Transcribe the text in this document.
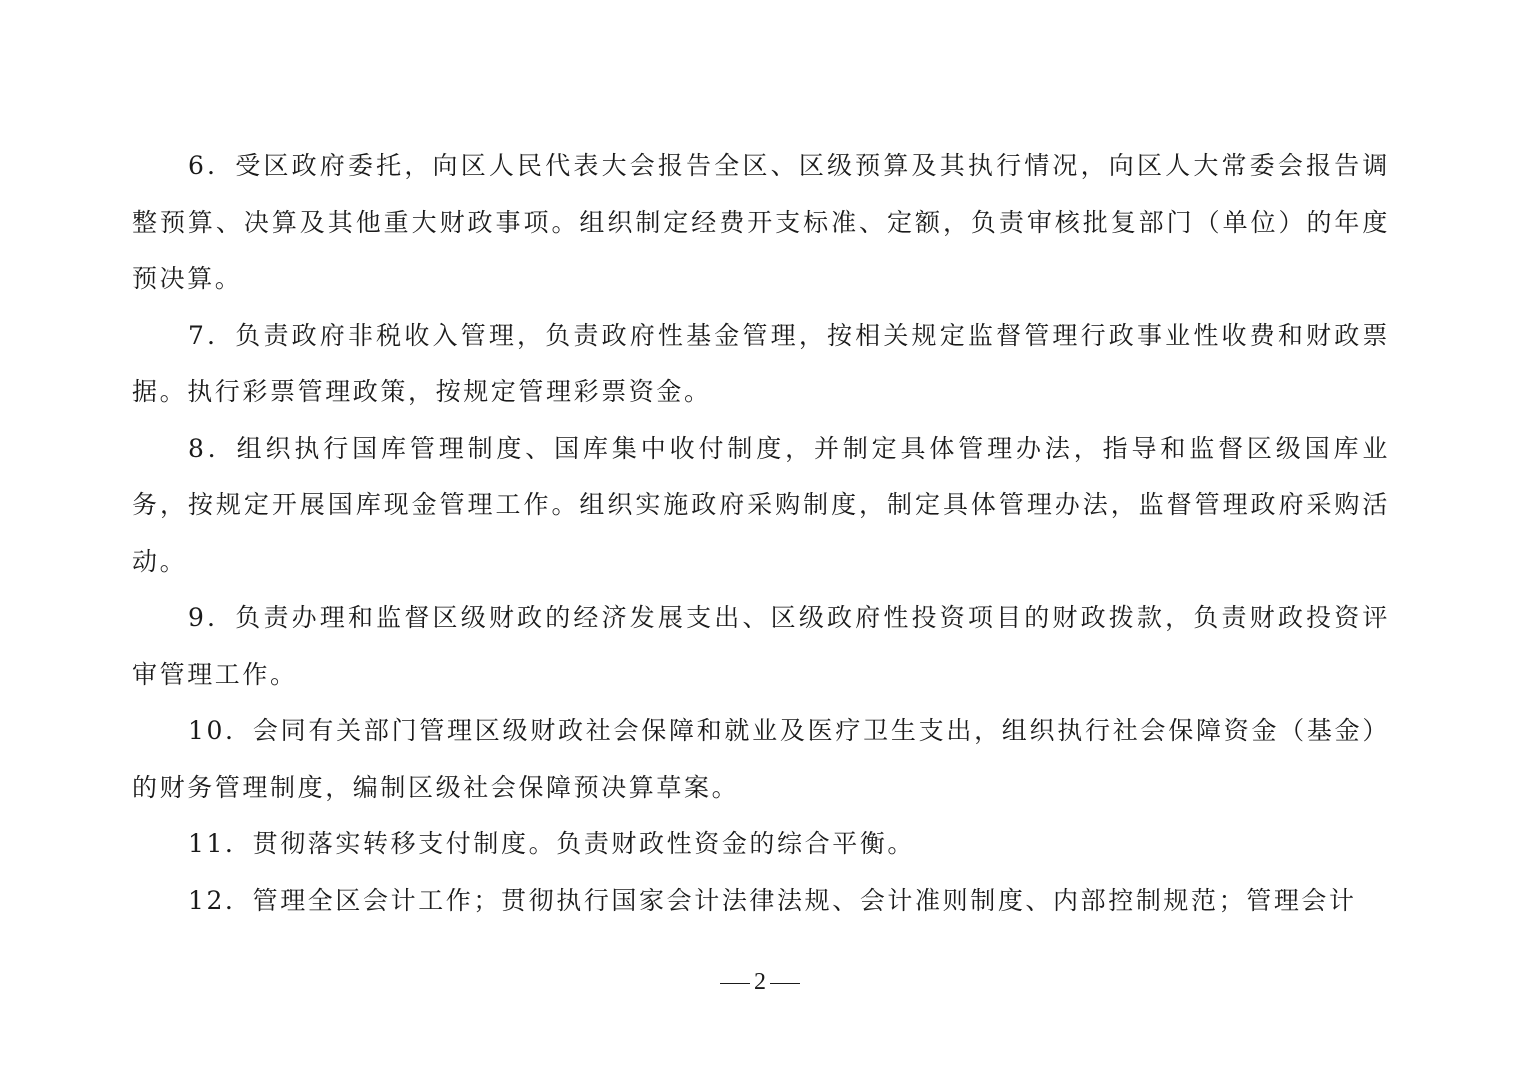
6．受区政府委托，向区人民代表大会报告全区、区级预算及其执行情况，向区人大常委会报告调整预算、决算及其他重大财政事项。组织制定经费开支标准、定额，负责审核批复部门（单位）的年度预决算。

7．负责政府非税收入管理，负责政府性基金管理，按相关规定监督管理行政事业性收费和财政票据。执行彩票管理政策，按规定管理彩票资金。

8．组织执行国库管理制度、国库集中收付制度，并制定具体管理办法，指导和监督区级国库业务，按规定开展国库现金管理工作。组织实施政府采购制度，制定具体管理办法，监督管理政府采购活动。

9．负责办理和监督区级财政的经济发展支出、区级政府性投资项目的财政拨款，负责财政投资评审管理工作。

10．会同有关部门管理区级财政社会保障和就业及医疗卫生支出，组织执行社会保障资金（基金）的财务管理制度，编制区级社会保障预决算草案。

11．贯彻落实转移支付制度。负责财政性资金的综合平衡。

12．管理全区会计工作；贯彻执行国家会计法律法规、会计准则制度、内部控制规范；管理会计

2
